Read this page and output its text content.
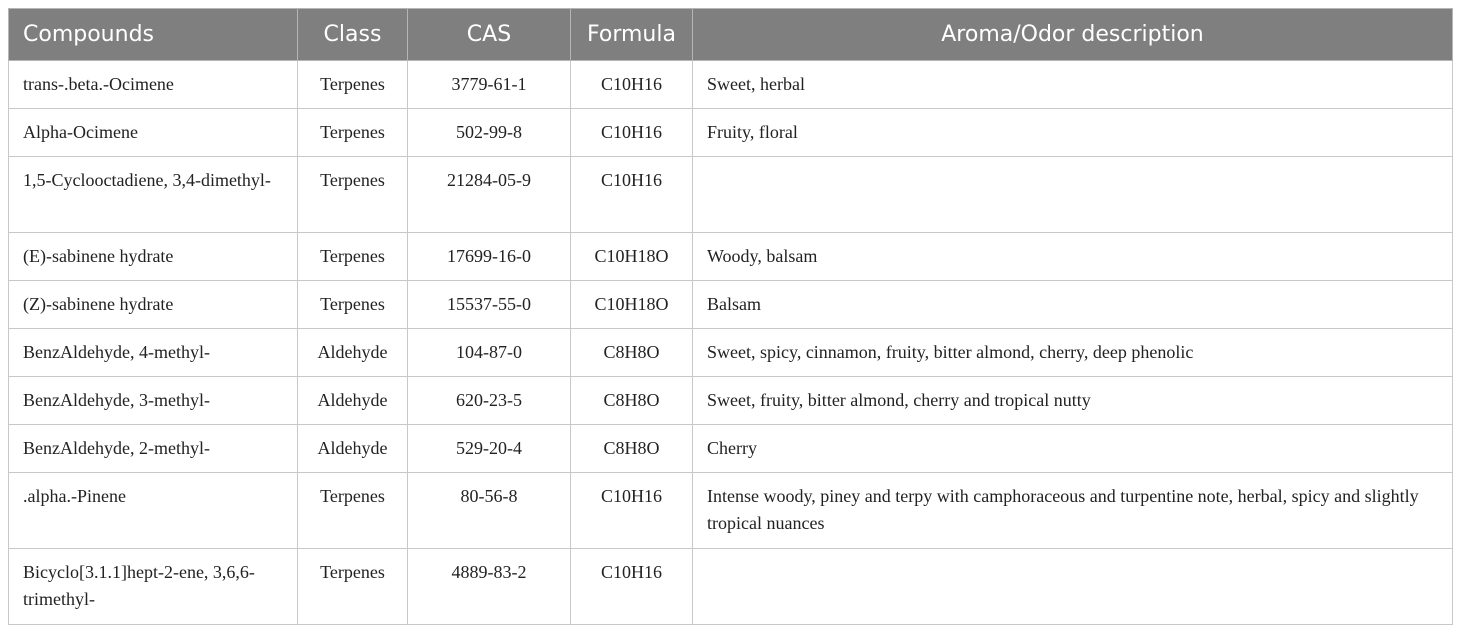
Compounds	Class	CAS	Formula	Aroma/Odor description
trans-.beta.-Ocimene	Terpenes	3779-61-1	C10H16	Sweet, herbal
Alpha-Ocimene	Terpenes	502-99-8	C10H16	Fruity, floral
1,5-Cyclooctadiene, 3,4-dimethyl-	Terpenes	21284-05-9	C10H16	
(E)-sabinene hydrate	Terpenes	17699-16-0	C10H18O	Woody, balsam
(Z)-sabinene hydrate	Terpenes	15537-55-0	C10H18O	Balsam
BenzAldehyde, 4-methyl-	Aldehyde	104-87-0	C8H8O	Sweet, spicy, cinnamon, fruity, bitter almond, cherry, deep phenolic
BenzAldehyde, 3-methyl-	Aldehyde	620-23-5	C8H8O	Sweet, fruity, bitter almond, cherry and tropical nutty
BenzAldehyde, 2-methyl-	Aldehyde	529-20-4	C8H8O	Cherry
.alpha.-Pinene	Terpenes	80-56-8	C10H16	Intense woody, piney and terpy with camphoraceous and turpentine note, herbal, spicy and slightly tropical nuances
Bicyclo[3.1.1]hept-2-ene, 3,6,6-trimethyl-	Terpenes	4889-83-2	C10H16	
